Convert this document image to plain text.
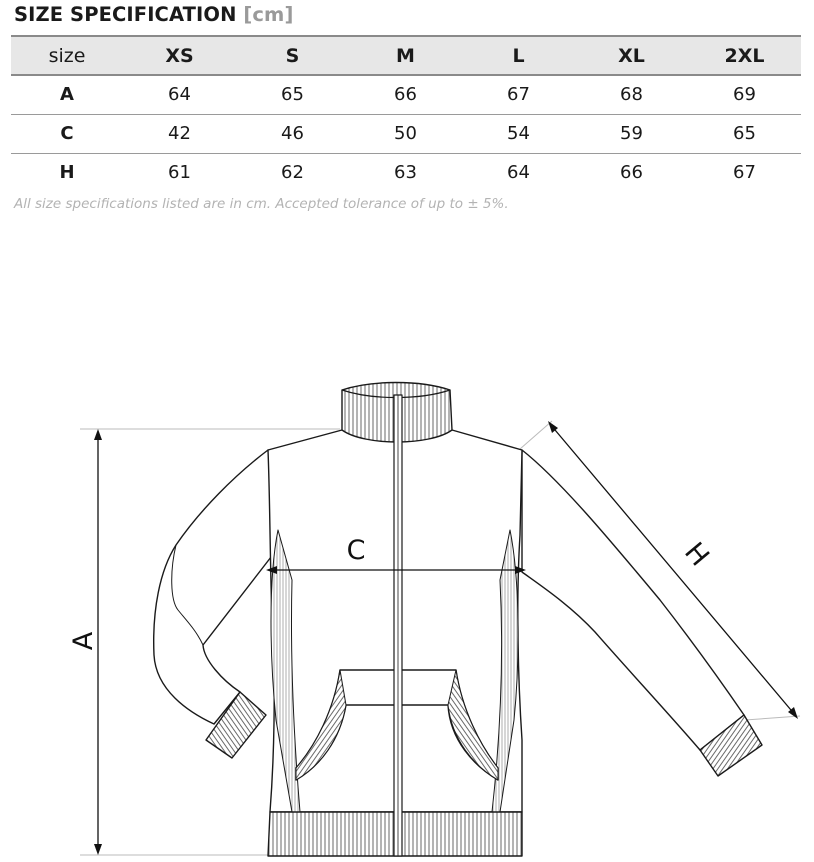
SIZE SPECIFICATION [cm]
size	XS	S	M	L	XL	2XL
A	64	65	66	67	68	69
C	42	46	50	54	59	65
H	61	62	63	64	66	67

All size specifications listed are in cm. Accepted tolerance of up to ± 5%.

A
C	H
